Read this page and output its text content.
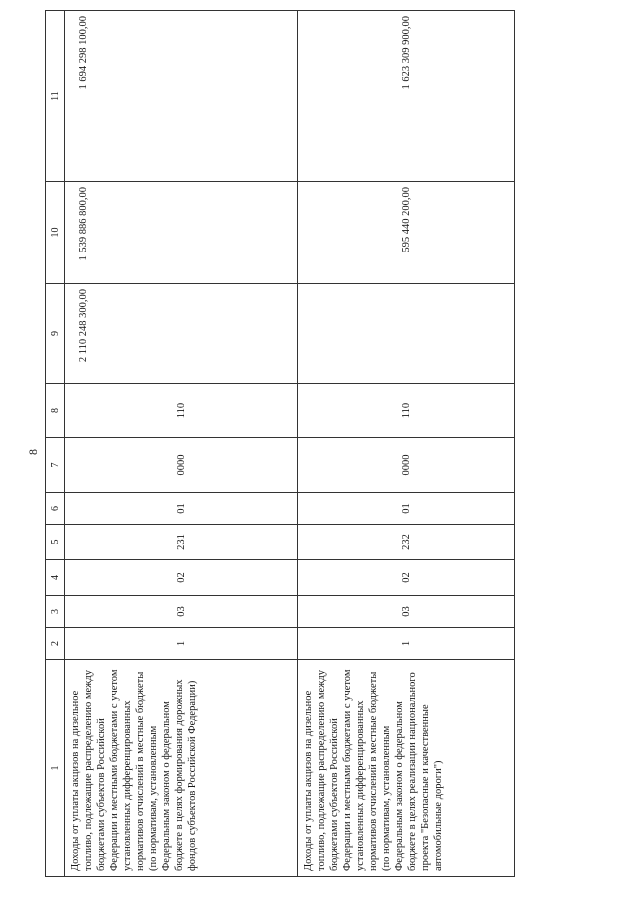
8
1	2	3	4	5	6	7	8	9	10	11
Доходы от уплаты акцизов на дизельное топливо, подлежащие распределению между бюджетами субъектов Российской Федерации и местными бюджетами с учетом установленных дифференцированных нормативов отчислений в местные бюджеты (по нормативам, установленным Федеральным законом о федеральном бюджете в целях формирования дорожных фондов субъектов Российской Федерации)	1	03	02	231	01	0000	110	2 110 248 300,00	1 539 886 800,00	1 694 298 100,00
Доходы от уплаты акцизов на дизельное топливо, подлежащие распределению между бюджетами субъектов Российской Федерации и местными бюджетами с учетом установленных дифференцированных нормативов отчислений в местные бюджеты (по нормативам, установленным Федеральным законом о федеральном бюджете в целях реализации национального проекта "Безопасные и качественные автомобильные дороги")	1	03	02	232	01	0000	110		595 440 200,00	1 623 309 900,00
